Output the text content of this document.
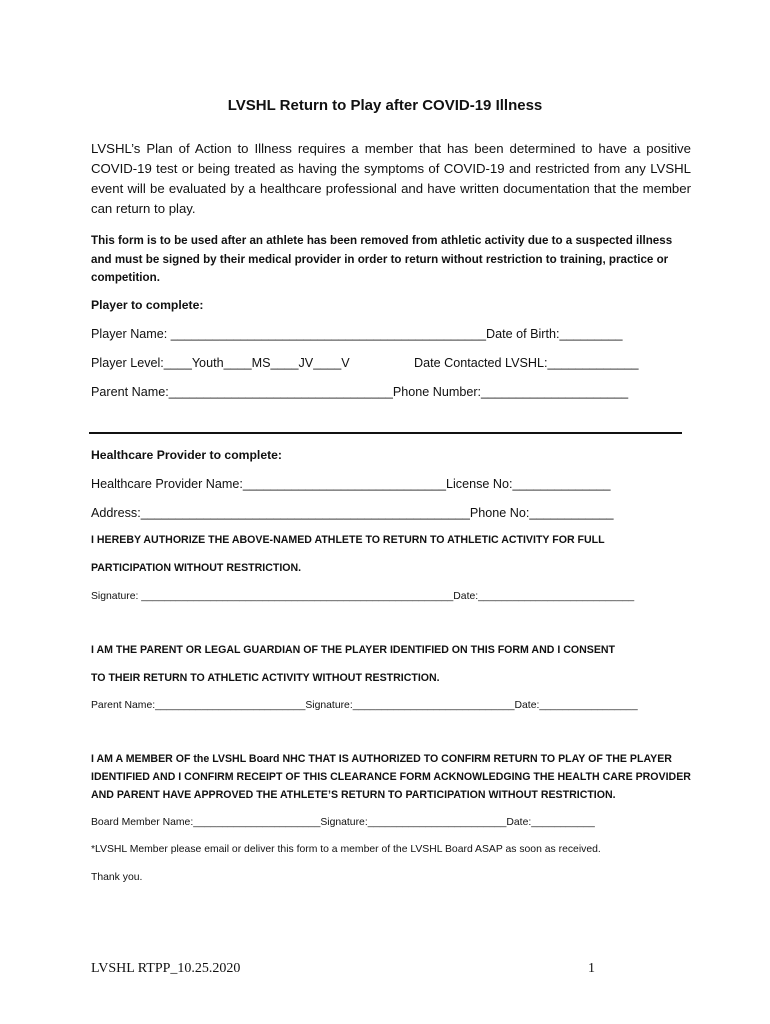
LVSHL Return to Play after COVID-19 Illness
LVSHL’s Plan of Action to Illness requires a member that has been determined to have a positive COVID-19 test or being treated as having the symptoms of COVID-19 and restricted from any LVSHL event will be evaluated by a healthcare professional and have written documentation that the member can return to play.
This form is to be used after an athlete has been removed from athletic activity due to a suspected illness and must be signed by their medical provider in order to return without restriction to training, practice or competition.
Player to complete:
Player Name: _____________________________________________Date of Birth:_________
Player Level:____Youth____MS____JV____V	Date Contacted LVSHL:_____________
Parent Name:________________________________Phone Number:_____________________
Healthcare Provider to complete:
Healthcare Provider Name:_____________________________License No:______________
Address:_______________________________________________Phone No:____________
I HEREBY AUTHORIZE THE ABOVE-NAMED ATHLETE TO RETURN TO ATHLETIC ACTIVITY FOR FULL
PARTICIPATION WITHOUT RESTRICTION.
Signature: ______________________________________________________Date:___________________________
I AM THE PARENT OR LEGAL GUARDIAN OF THE PLAYER IDENTIFIED ON THIS FORM AND I CONSENT
TO THEIR RETURN TO ATHLETIC ACTIVITY WITHOUT RESTRICTION.
Parent Name:__________________________Signature:____________________________Date:_________________
I AM A MEMBER OF the LVSHL Board NHC THAT IS AUTHORIZED TO CONFIRM RETURN TO PLAY OF THE PLAYER
IDENTIFIED AND I CONFIRM RECEIPT OF THIS CLEARANCE FORM ACKNOWLEDGING THE HEALTH CARE PROVIDER
AND PARENT HAVE APPROVED THE ATHLETE’S RETURN TO PARTICIPATION WITHOUT RESTRICTION.
Board Member Name:______________________Signature:________________________Date:___________
*LVSHL Member please email or deliver this form to a member of the LVSHL Board ASAP as soon as received.
Thank you.
LVSHL RTPP_10.25.2020	1
